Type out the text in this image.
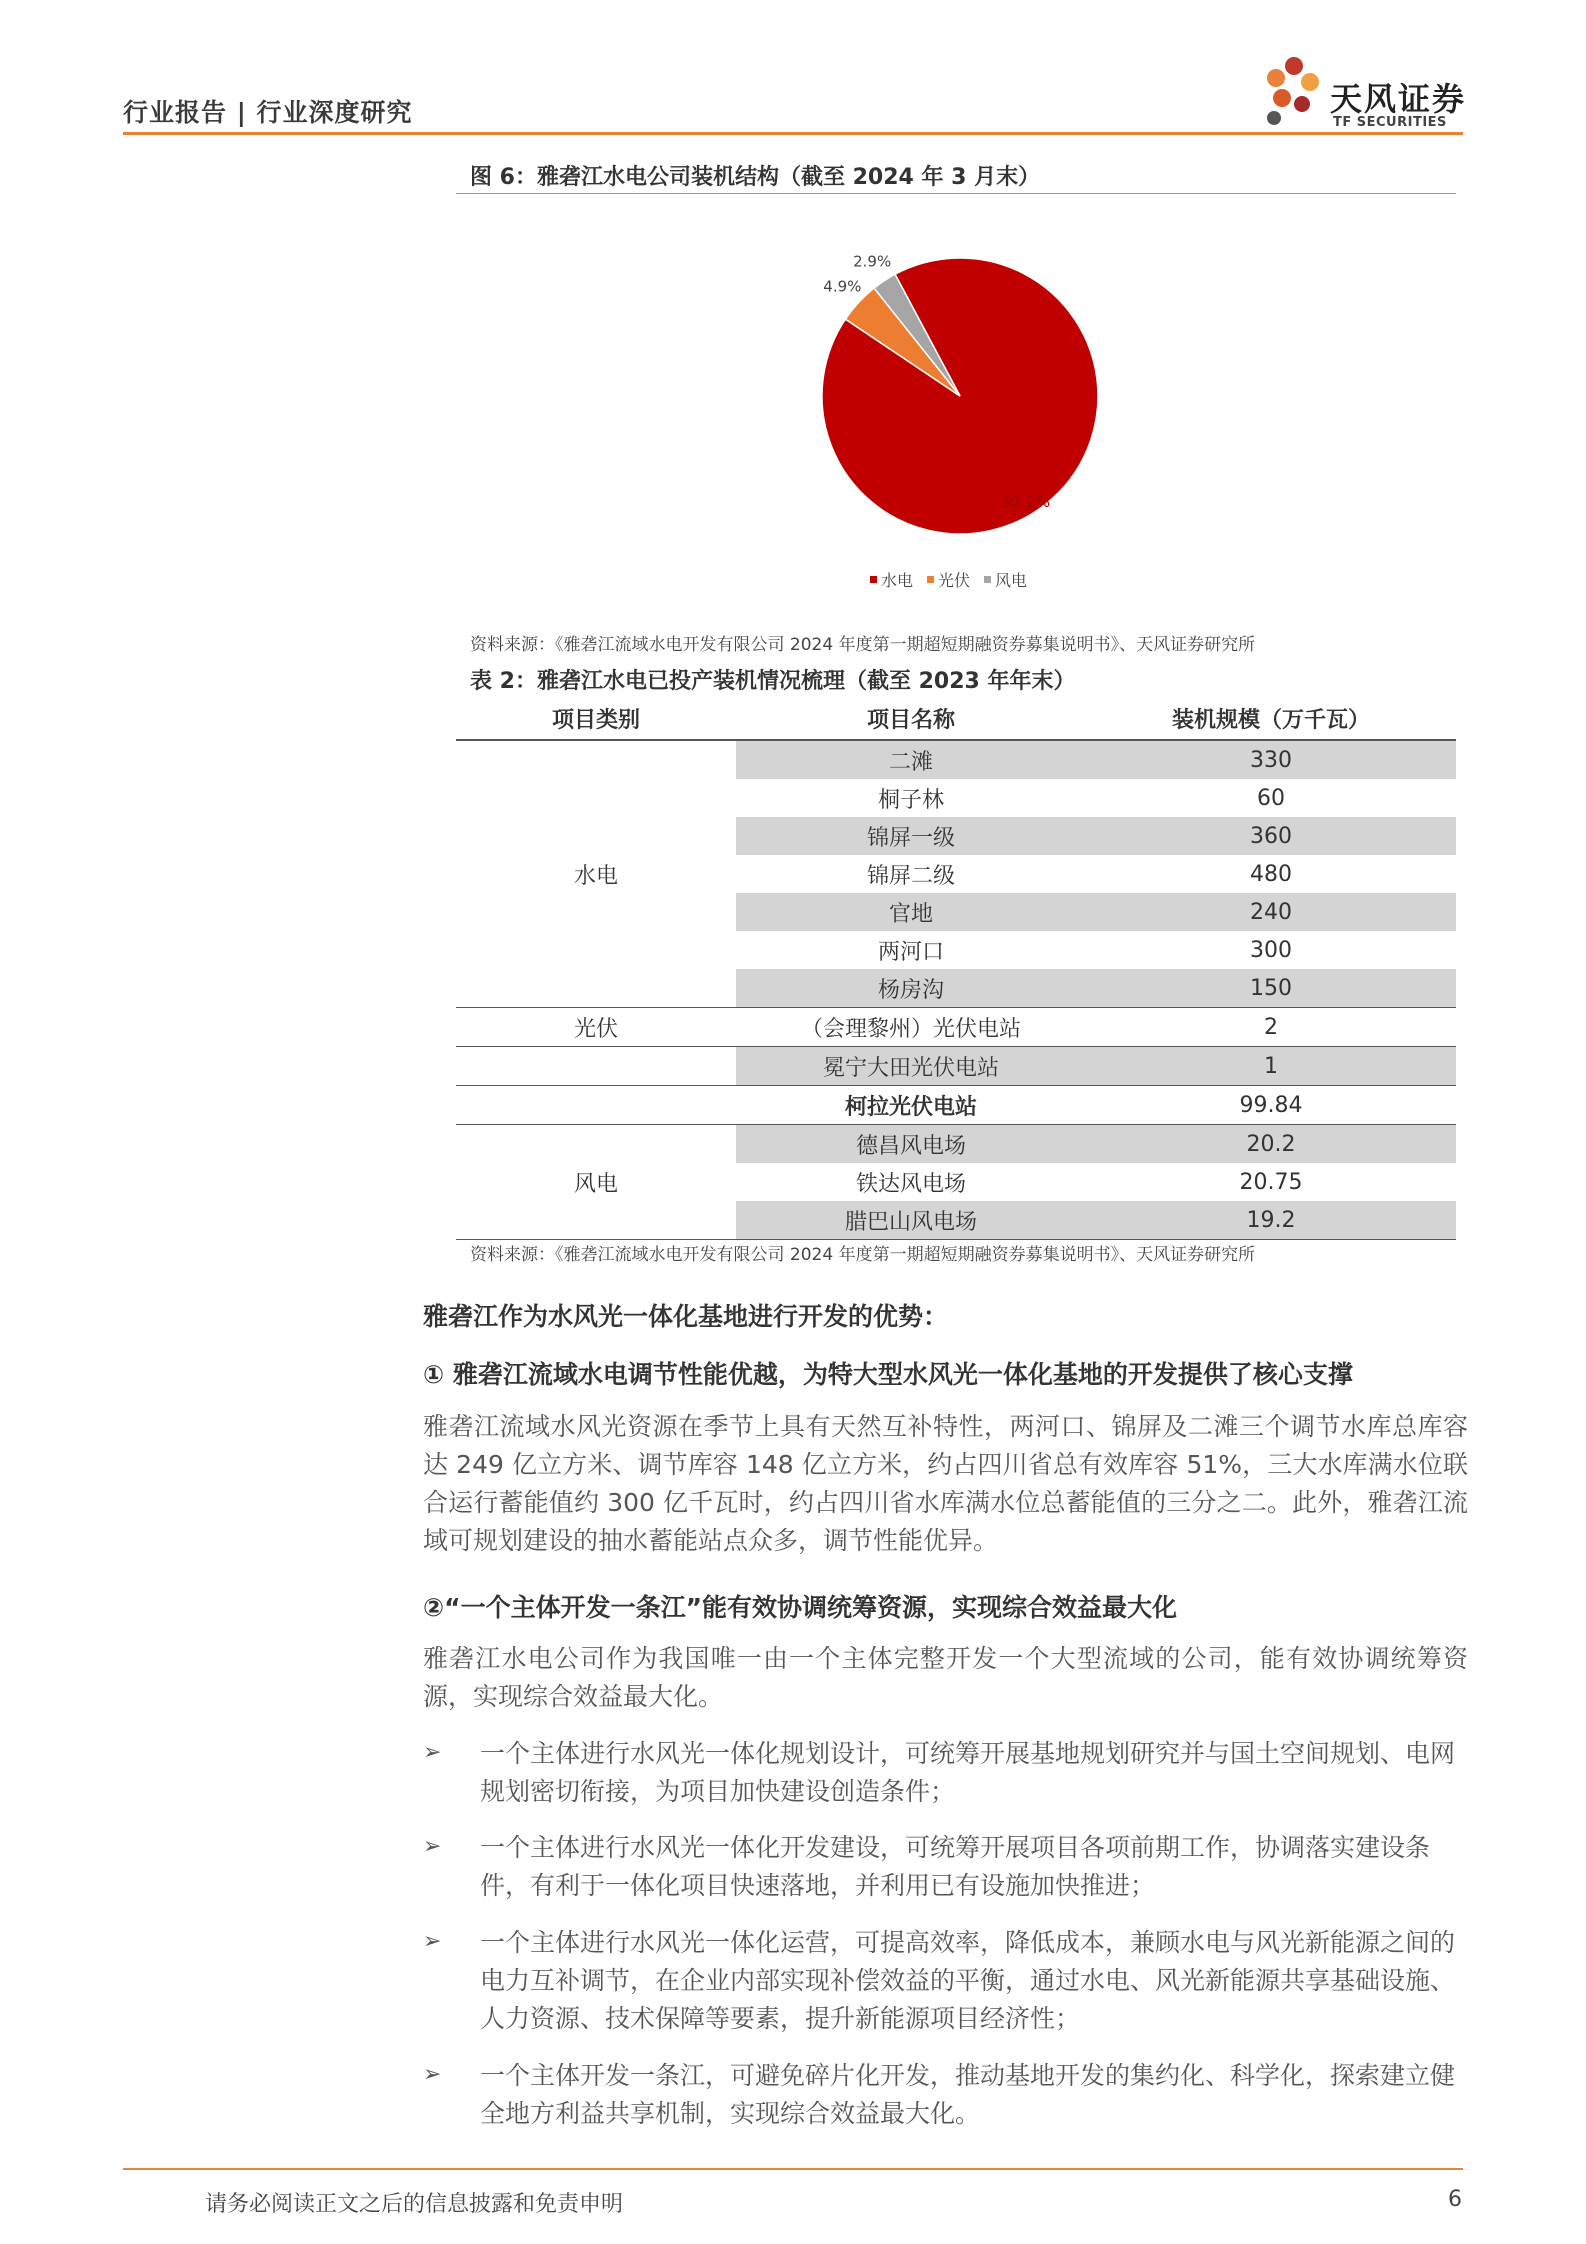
行业报告 | 行业深度研究	天风证券
TF SECURITIES
图 6：雅砻江水电公司装机结构（截至 2024 年 3 月末）
92.2%
4.9%
2.9%
水电 光伏 风电
资料来源：《雅砻江流域水电开发有限公司 2024 年度第一期超短期融资券募集说明书》、天风证券研究所
表 2：雅砻江水电已投产装机情况梳理（截至 2023 年年末）
项目类别	项目名称	装机规模（万千瓦）
水电	二滩	330
	桐子林	60
	锦屏一级	360
	锦屏二级	480
	官地	240
	两河口	300
	杨房沟	150
光伏	（会理黎州）光伏电站	2
	冕宁大田光伏电站	1
	柯拉光伏电站	99.84
风电	德昌风电场	20.2
	铁达风电场	20.75
	腊巴山风电场	19.2
资料来源：《雅砻江流域水电开发有限公司 2024 年度第一期超短期融资券募集说明书》、天风证券研究所
雅砻江作为水风光一体化基地进行开发的优势：
① 雅砻江流域水电调节性能优越，为特大型水风光一体化基地的开发提供了核心支撑
雅砻江流域水风光资源在季节上具有天然互补特性，两河口、锦屏及二滩三个调节水库总库容达 249 亿立方米、调节库容 148 亿立方米，约占四川省总有效库容 51%，三大水库满水位联合运行蓄能值约 300 亿千瓦时，约占四川省水库满水位总蓄能值的三分之二。此外，雅砻江流域可规划建设的抽水蓄能站点众多，调节性能优异。
②“一个主体开发一条江”能有效协调统筹资源，实现综合效益最大化
雅砻江水电公司作为我国唯一由一个主体完整开发一个大型流域的公司，能有效协调统筹资源，实现综合效益最大化。
➢ 一个主体进行水风光一体化规划设计，可统筹开展基地规划研究并与国土空间规划、电网规划密切衔接，为项目加快建设创造条件；
➢ 一个主体进行水风光一体化开发建设，可统筹开展项目各项前期工作，协调落实建设条件，有利于一体化项目快速落地，并利用已有设施加快推进；
➢ 一个主体进行水风光一体化运营，可提高效率，降低成本，兼顾水电与风光新能源之间的电力互补调节，在企业内部实现补偿效益的平衡，通过水电、风光新能源共享基础设施、人力资源、技术保障等要素，提升新能源项目经济性；
➢ 一个主体开发一条江，可避免碎片化开发，推动基地开发的集约化、科学化，探索建立健全地方利益共享机制，实现综合效益最大化。
请务必阅读正文之后的信息披露和免责申明	6
